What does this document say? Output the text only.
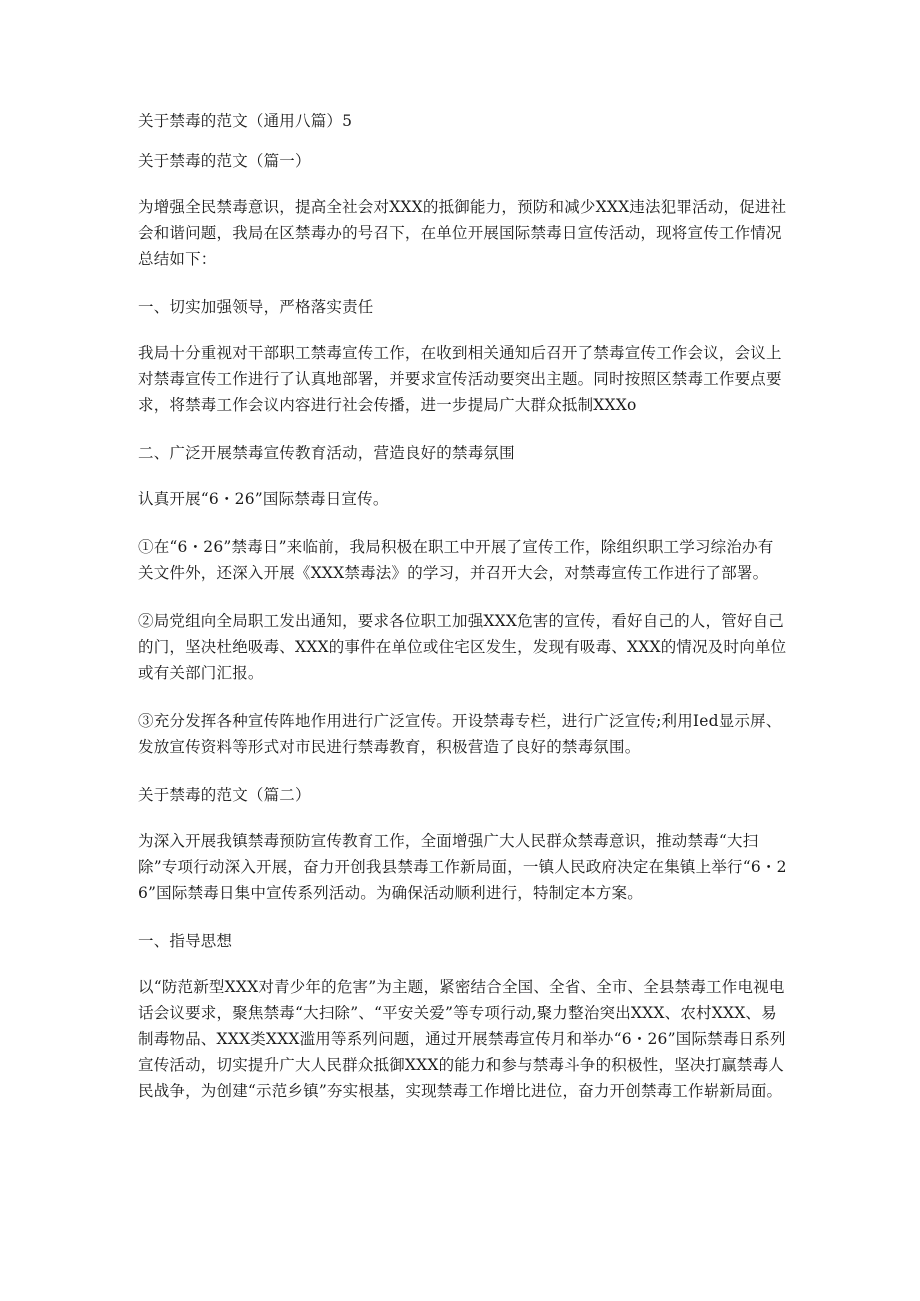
关于禁毒的范文（通用八篇）5

关于禁毒的范文（篇一）

为增强全民禁毒意识，提高全社会对XXX的抵御能力，预防和减少XXX违法犯罪活动，促进社会和谐问题，我局在区禁毒办的号召下，在单位开展国际禁毒日宣传活动，现将宣传工作情况总结如下：

一、切实加强领导，严格落实责任

我局十分重视对干部职工禁毒宣传工作，在收到相关通知后召开了禁毒宣传工作会议，会议上对禁毒宣传工作进行了认真地部署，并要求宣传活动要突出主题。同时按照区禁毒工作要点要求，将禁毒工作会议内容进行社会传播，进一步提局广大群众抵制XXXo

二、广泛开展禁毒宣传教育活动，营造良好的禁毒氛围

认真开展“6・26”国际禁毒日宣传。

①在“6・26”禁毒日”来临前，我局积极在职工中开展了宣传工作，除组织职工学习综治办有关文件外，还深入开展《XXX禁毒法》的学习，并召开大会，对禁毒宣传工作进行了部署。

②局党组向全局职工发出通知，要求各位职工加强XXX危害的宣传，看好自己的人，管好自己的门，坚决杜绝吸毒、XXX的事件在单位或住宅区发生，发现有吸毒、XXX的情况及时向单位或有关部门汇报。

③充分发挥各种宣传阵地作用进行广泛宣传。开设禁毒专栏，进行广泛宣传;利用Ied显示屏、发放宣传资料等形式对市民进行禁毒教育，积极营造了良好的禁毒氛围。

关于禁毒的范文（篇二）

为深入开展我镇禁毒预防宣传教育工作，全面增强广大人民群众禁毒意识，推动禁毒“大扫除”专项行动深入开展，奋力开创我县禁毒工作新局面，一镇人民政府决定在集镇上举行“6・26”国际禁毒日集中宣传系列活动。为确保活动顺利进行，特制定本方案。

一、指导思想

以“防范新型XXX对青少年的危害”为主题，紧密结合全国、全省、全市、全县禁毒工作电视电话会议要求，聚焦禁毒“大扫除”、“平安关爱”等专项行动,聚力整治突出XXX、农村XXX、易制毒物品、XXX类XXX滥用等系列问题，通过开展禁毒宣传月和举办“6・26”国际禁毒日系列宣传活动，切实提升广大人民群众抵御XXX的能力和参与禁毒斗争的积极性，坚决打赢禁毒人民战争，为创建“示范乡镇”夯实根基，实现禁毒工作增比进位，奋力开创禁毒工作崭新局面。
